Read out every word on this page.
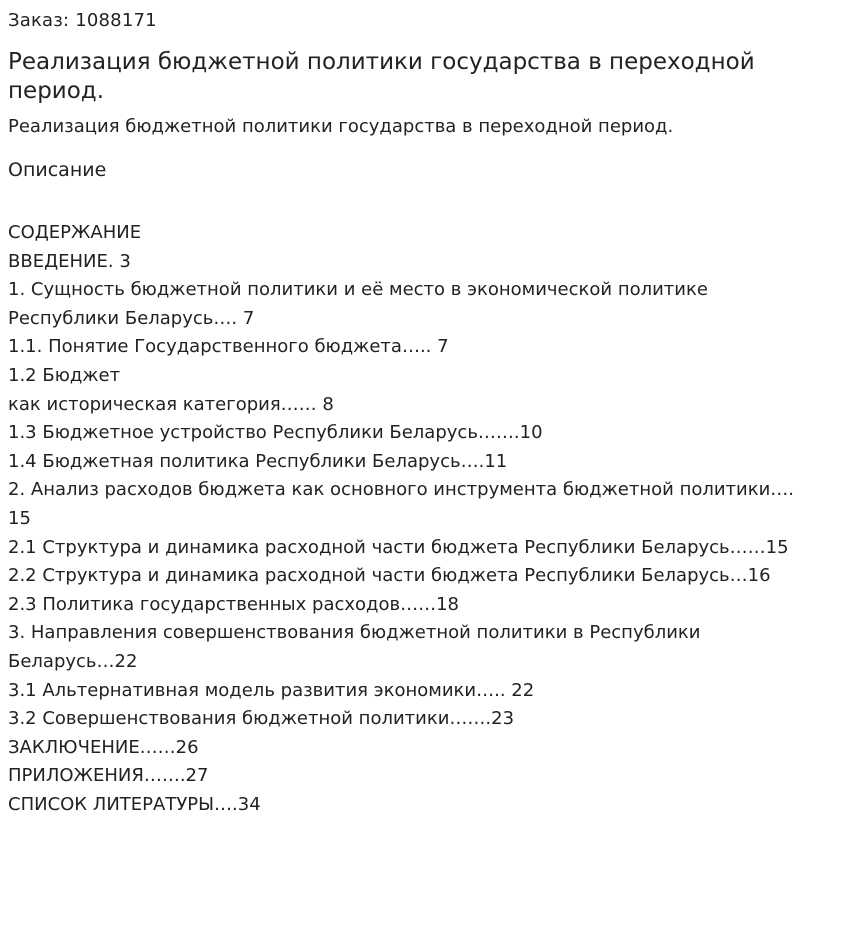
Заказ: 1088171
Реализация бюджетной политики государства в переходной период.
Реализация бюджетной политики государства в переходной период.
Описание
СОДЕРЖАНИЕ
ВВЕДЕНИЕ. 3
1. Сущность бюджетной политики и её место в экономической политике
Республики Беларусь…. 7
1.1. Понятие Государственного бюджета….. 7
1.2 Бюджет
как историческая категория…… 8
1.3 Бюджетное устройство Республики Беларусь…….10
1.4 Бюджетная политика Республики Беларусь….11
2. Анализ расходов бюджета как основного инструмента бюджетной политики….
15
2.1 Структура и динамика расходной части бюджета Республики Беларусь……15
2.2 Структура и динамика расходной части бюджета Республики Беларусь…16
2.3 Политика государственных расходов……18
3. Направления совершенствования бюджетной политики в Республики
Беларусь…22
3.1 Альтернативная модель развития экономики….. 22
3.2 Совершенствования бюджетной политики…….23
ЗАКЛЮЧЕНИЕ……26
ПРИЛОЖЕНИЯ…….27
СПИСОК ЛИТЕРАТУРЫ….34
